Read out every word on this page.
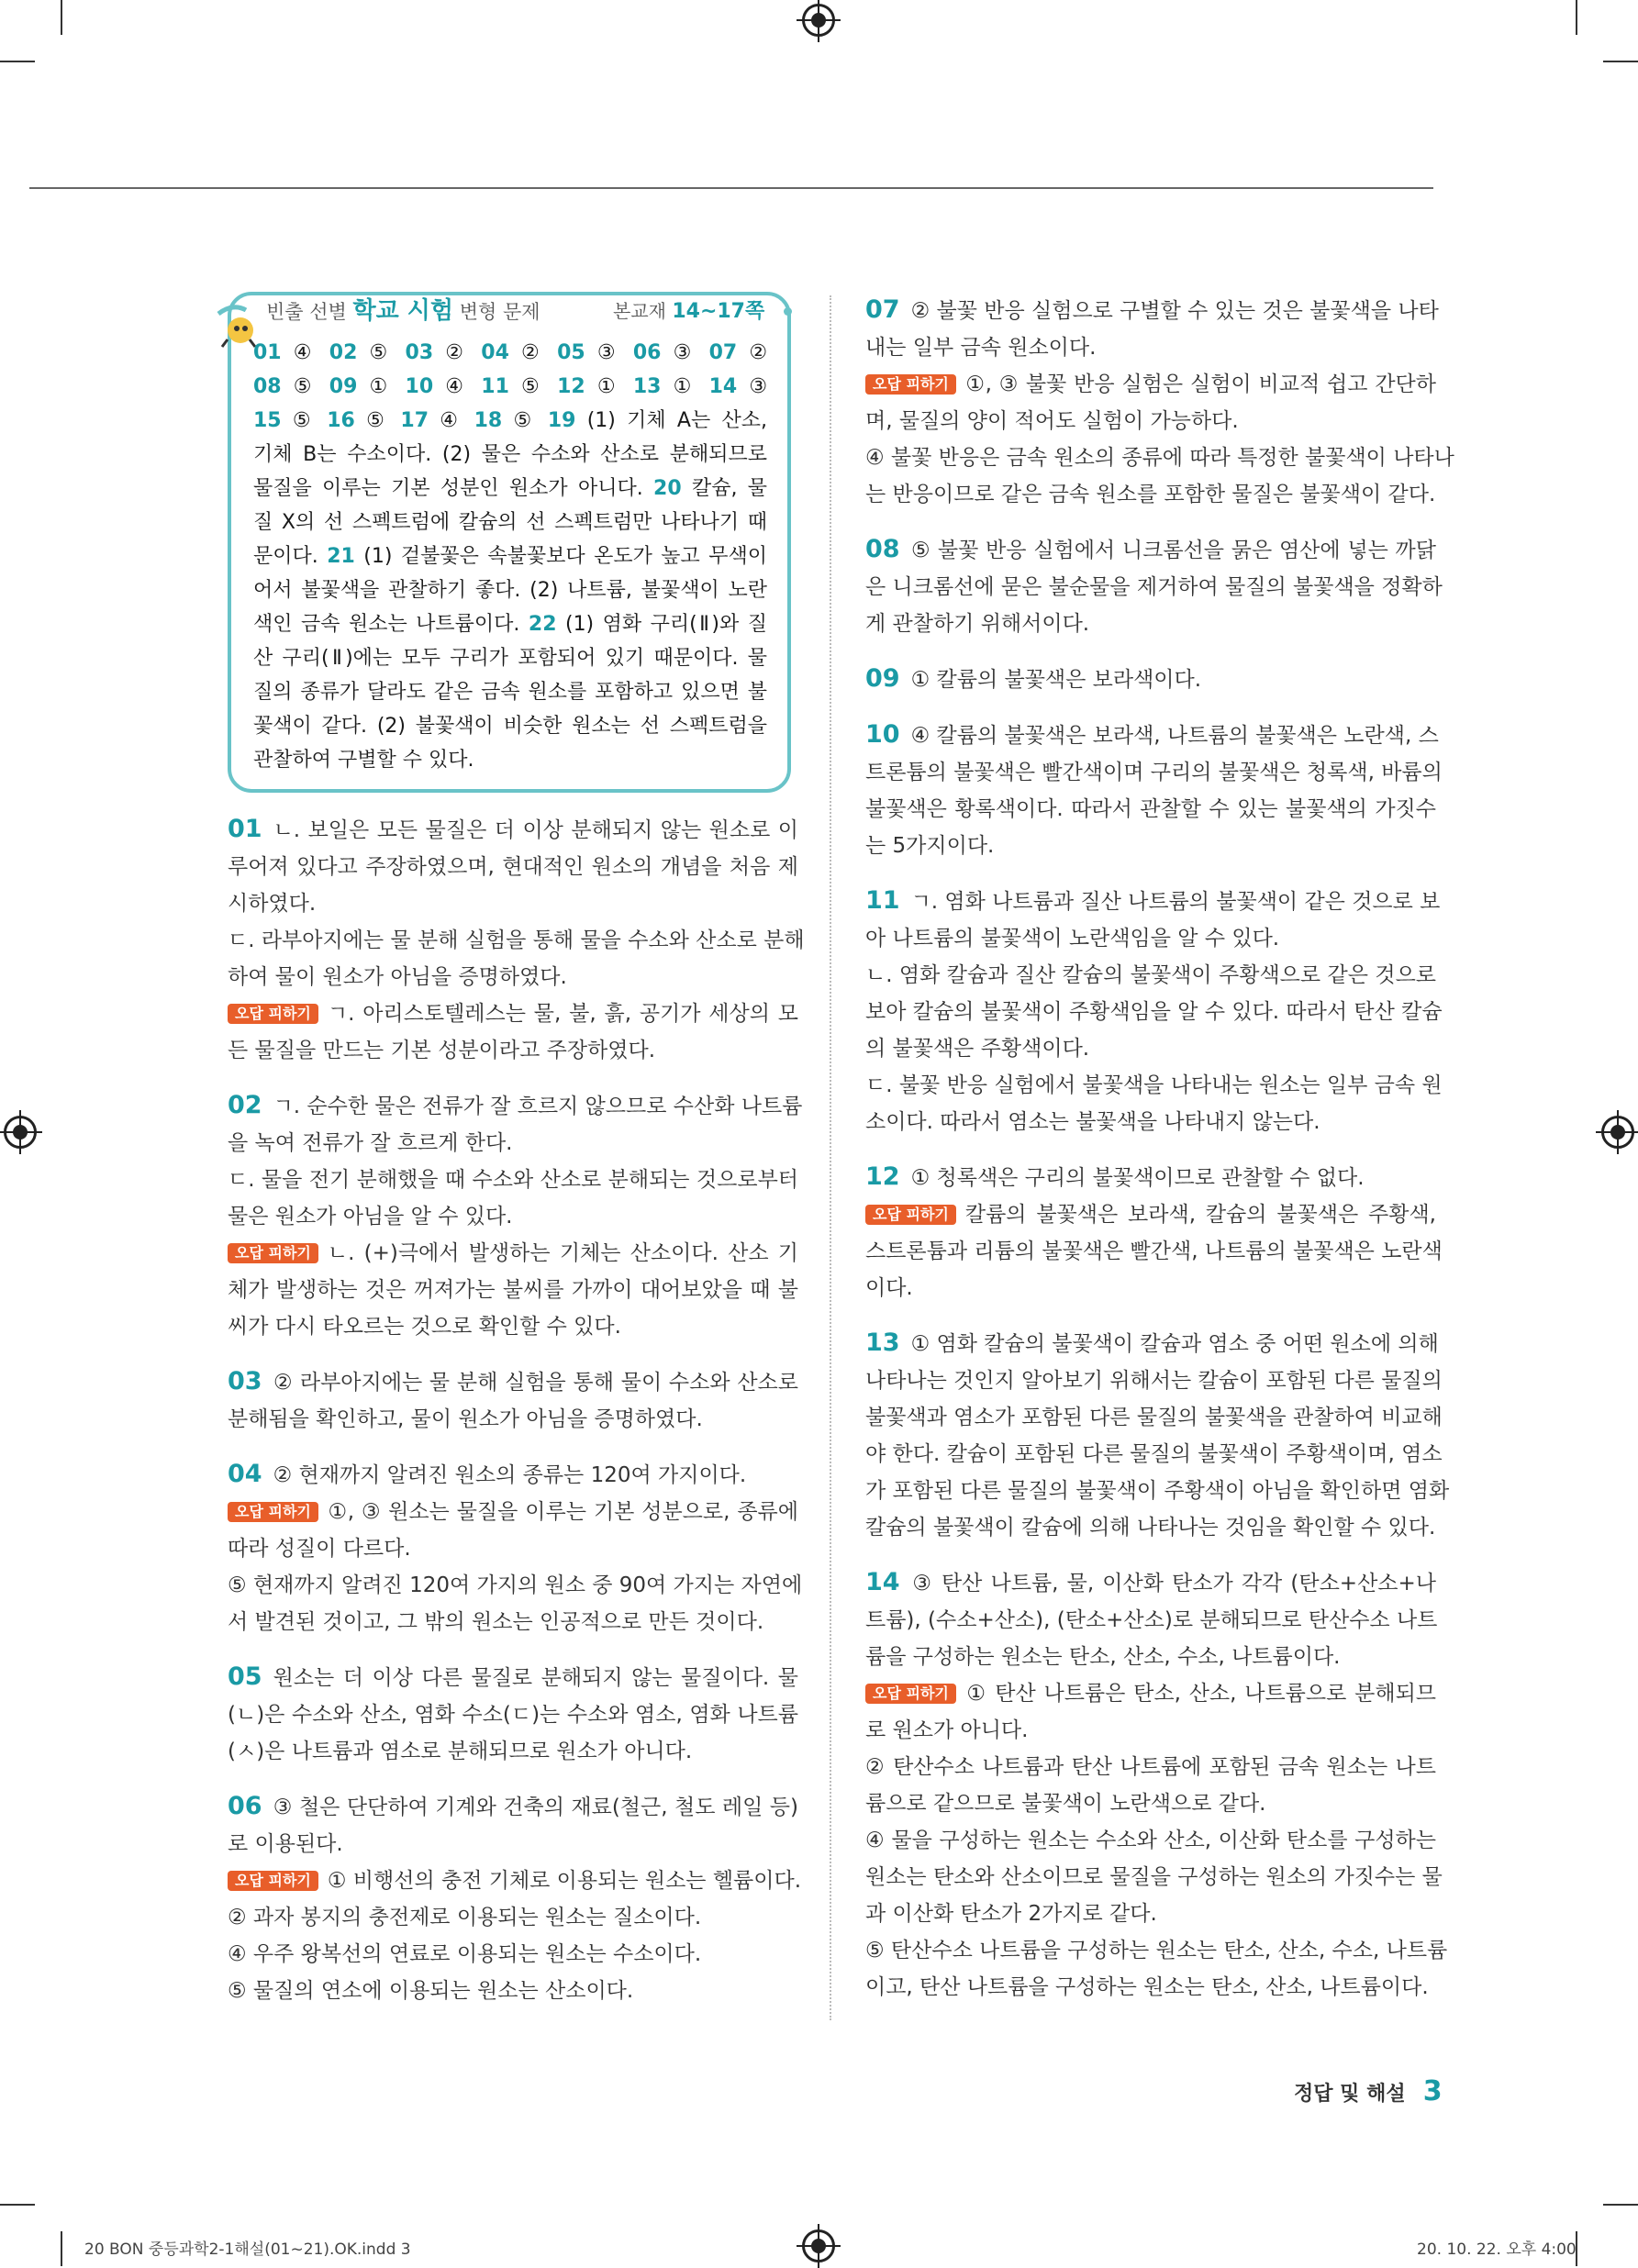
빈출 선별 학교 시험 변형 문제	본교재 14~17쪽
01 ④ 02 ⑤ 03 ② 04 ② 05 ③ 06 ③ 07 ②
08 ⑤ 09 ① 10 ④ 11 ⑤ 12 ① 13 ① 14 ③
15 ⑤ 16 ⑤ 17 ④ 18 ⑤ 19 (1) 기체 A는 산소,
기체 B는 수소이다. (2) 물은 수소와 산소로 분해되므로
물질을 이루는 기본 성분인 원소가 아니다. 20 칼슘, 물
질 X의 선 스펙트럼에 칼슘의 선 스펙트럼만 나타나기 때
문이다. 21 (1) 겉불꽃은 속불꽃보다 온도가 높고 무색이
어서 불꽃색을 관찰하기 좋다. (2) 나트륨, 불꽃색이 노란
색인 금속 원소는 나트륨이다. 22 (1) 염화 구리(Ⅱ)와 질
산 구리(Ⅱ)에는 모두 구리가 포함되어 있기 때문이다. 물
질의 종류가 달라도 같은 금속 원소를 포함하고 있으면 불
꽃색이 같다. (2) 불꽃색이 비슷한 원소는 선 스펙트럼을
관찰하여 구별할 수 있다.
01 ㄴ. 보일은 모든 물질은 더 이상 분해되지 않는 원소로 이
루어져 있다고 주장하였으며, 현대적인 원소의 개념을 처음 제
시하였다.
ㄷ. 라부아지에는 물 분해 실험을 통해 물을 수소와 산소로 분해
하여 물이 원소가 아님을 증명하였다.
오답 피하기 ㄱ. 아리스토텔레스는 물, 불, 흙, 공기가 세상의 모
든 물질을 만드는 기본 성분이라고 주장하였다.
02 ㄱ. 순수한 물은 전류가 잘 흐르지 않으므로 수산화 나트륨
을 녹여 전류가 잘 흐르게 한다.
ㄷ. 물을 전기 분해했을 때 수소와 산소로 분해되는 것으로부터
물은 원소가 아님을 알 수 있다.
오답 피하기 ㄴ. (+)극에서 발생하는 기체는 산소이다. 산소 기
체가 발생하는 것은 꺼져가는 불씨를 가까이 대어보았을 때 불
씨가 다시 타오르는 것으로 확인할 수 있다.
03 ② 라부아지에는 물 분해 실험을 통해 물이 수소와 산소로
분해됨을 확인하고, 물이 원소가 아님을 증명하였다.
04 ② 현재까지 알려진 원소의 종류는 120여 가지이다.
오답 피하기 ①, ③ 원소는 물질을 이루는 기본 성분으로, 종류에
따라 성질이 다르다.
⑤ 현재까지 알려진 120여 가지의 원소 중 90여 가지는 자연에
서 발견된 것이고, 그 밖의 원소는 인공적으로 만든 것이다.
05 원소는 더 이상 다른 물질로 분해되지 않는 물질이다. 물
(ㄴ)은 수소와 산소, 염화 수소(ㄷ)는 수소와 염소, 염화 나트륨
(ㅅ)은 나트륨과 염소로 분해되므로 원소가 아니다.
06 ③ 철은 단단하여 기계와 건축의 재료(철근, 철도 레일 등)
로 이용된다.
오답 피하기 ① 비행선의 충전 기체로 이용되는 원소는 헬륨이다.
② 과자 봉지의 충전제로 이용되는 원소는 질소이다.
④ 우주 왕복선의 연료로 이용되는 원소는 수소이다.
⑤ 물질의 연소에 이용되는 원소는 산소이다.
07 ② 불꽃 반응 실험으로 구별할 수 있는 것은 불꽃색을 나타
내는 일부 금속 원소이다.
오답 피하기 ①, ③ 불꽃 반응 실험은 실험이 비교적 쉽고 간단하
며, 물질의 양이 적어도 실험이 가능하다.
④ 불꽃 반응은 금속 원소의 종류에 따라 특정한 불꽃색이 나타나
는 반응이므로 같은 금속 원소를 포함한 물질은 불꽃색이 같다.
08 ⑤ 불꽃 반응 실험에서 니크롬선을 묽은 염산에 넣는 까닭
은 니크롬선에 묻은 불순물을 제거하여 물질의 불꽃색을 정확하
게 관찰하기 위해서이다.
09 ① 칼륨의 불꽃색은 보라색이다.
10 ④ 칼륨의 불꽃색은 보라색, 나트륨의 불꽃색은 노란색, 스
트론튬의 불꽃색은 빨간색이며 구리의 불꽃색은 청록색, 바륨의
불꽃색은 황록색이다. 따라서 관찰할 수 있는 불꽃색의 가짓수
는 5가지이다.
11 ㄱ. 염화 나트륨과 질산 나트륨의 불꽃색이 같은 것으로 보
아 나트륨의 불꽃색이 노란색임을 알 수 있다.
ㄴ. 염화 칼슘과 질산 칼슘의 불꽃색이 주황색으로 같은 것으로
보아 칼슘의 불꽃색이 주황색임을 알 수 있다. 따라서 탄산 칼슘
의 불꽃색은 주황색이다.
ㄷ. 불꽃 반응 실험에서 불꽃색을 나타내는 원소는 일부 금속 원
소이다. 따라서 염소는 불꽃색을 나타내지 않는다.
12 ① 청록색은 구리의 불꽃색이므로 관찰할 수 없다.
오답 피하기 칼륨의 불꽃색은 보라색, 칼슘의 불꽃색은 주황색,
스트론튬과 리튬의 불꽃색은 빨간색, 나트륨의 불꽃색은 노란색
이다.
13 ① 염화 칼슘의 불꽃색이 칼슘과 염소 중 어떤 원소에 의해
나타나는 것인지 알아보기 위해서는 칼슘이 포함된 다른 물질의
불꽃색과 염소가 포함된 다른 물질의 불꽃색을 관찰하여 비교해
야 한다. 칼슘이 포함된 다른 물질의 불꽃색이 주황색이며, 염소
가 포함된 다른 물질의 불꽃색이 주황색이 아님을 확인하면 염화
칼슘의 불꽃색이 칼슘에 의해 나타나는 것임을 확인할 수 있다.
14 ③ 탄산 나트륨, 물, 이산화 탄소가 각각 (탄소+산소+나
트륨), (수소+산소), (탄소+산소)로 분해되므로 탄산수소 나트
륨을 구성하는 원소는 탄소, 산소, 수소, 나트륨이다.
오답 피하기 ① 탄산 나트륨은 탄소, 산소, 나트륨으로 분해되므
로 원소가 아니다.
② 탄산수소 나트륨과 탄산 나트륨에 포함된 금속 원소는 나트
륨으로 같으므로 불꽃색이 노란색으로 같다.
④ 물을 구성하는 원소는 수소와 산소, 이산화 탄소를 구성하는
원소는 탄소와 산소이므로 물질을 구성하는 원소의 가짓수는 물
과 이산화 탄소가 2가지로 같다.
⑤ 탄산수소 나트륨을 구성하는 원소는 탄소, 산소, 수소, 나트륨
이고, 탄산 나트륨을 구성하는 원소는 탄소, 산소, 나트륨이다.
정답 및 해설 3
20 BON 중등과학2-1해설(01~21).OK.indd 3	20. 10. 22. 오후 4:00
